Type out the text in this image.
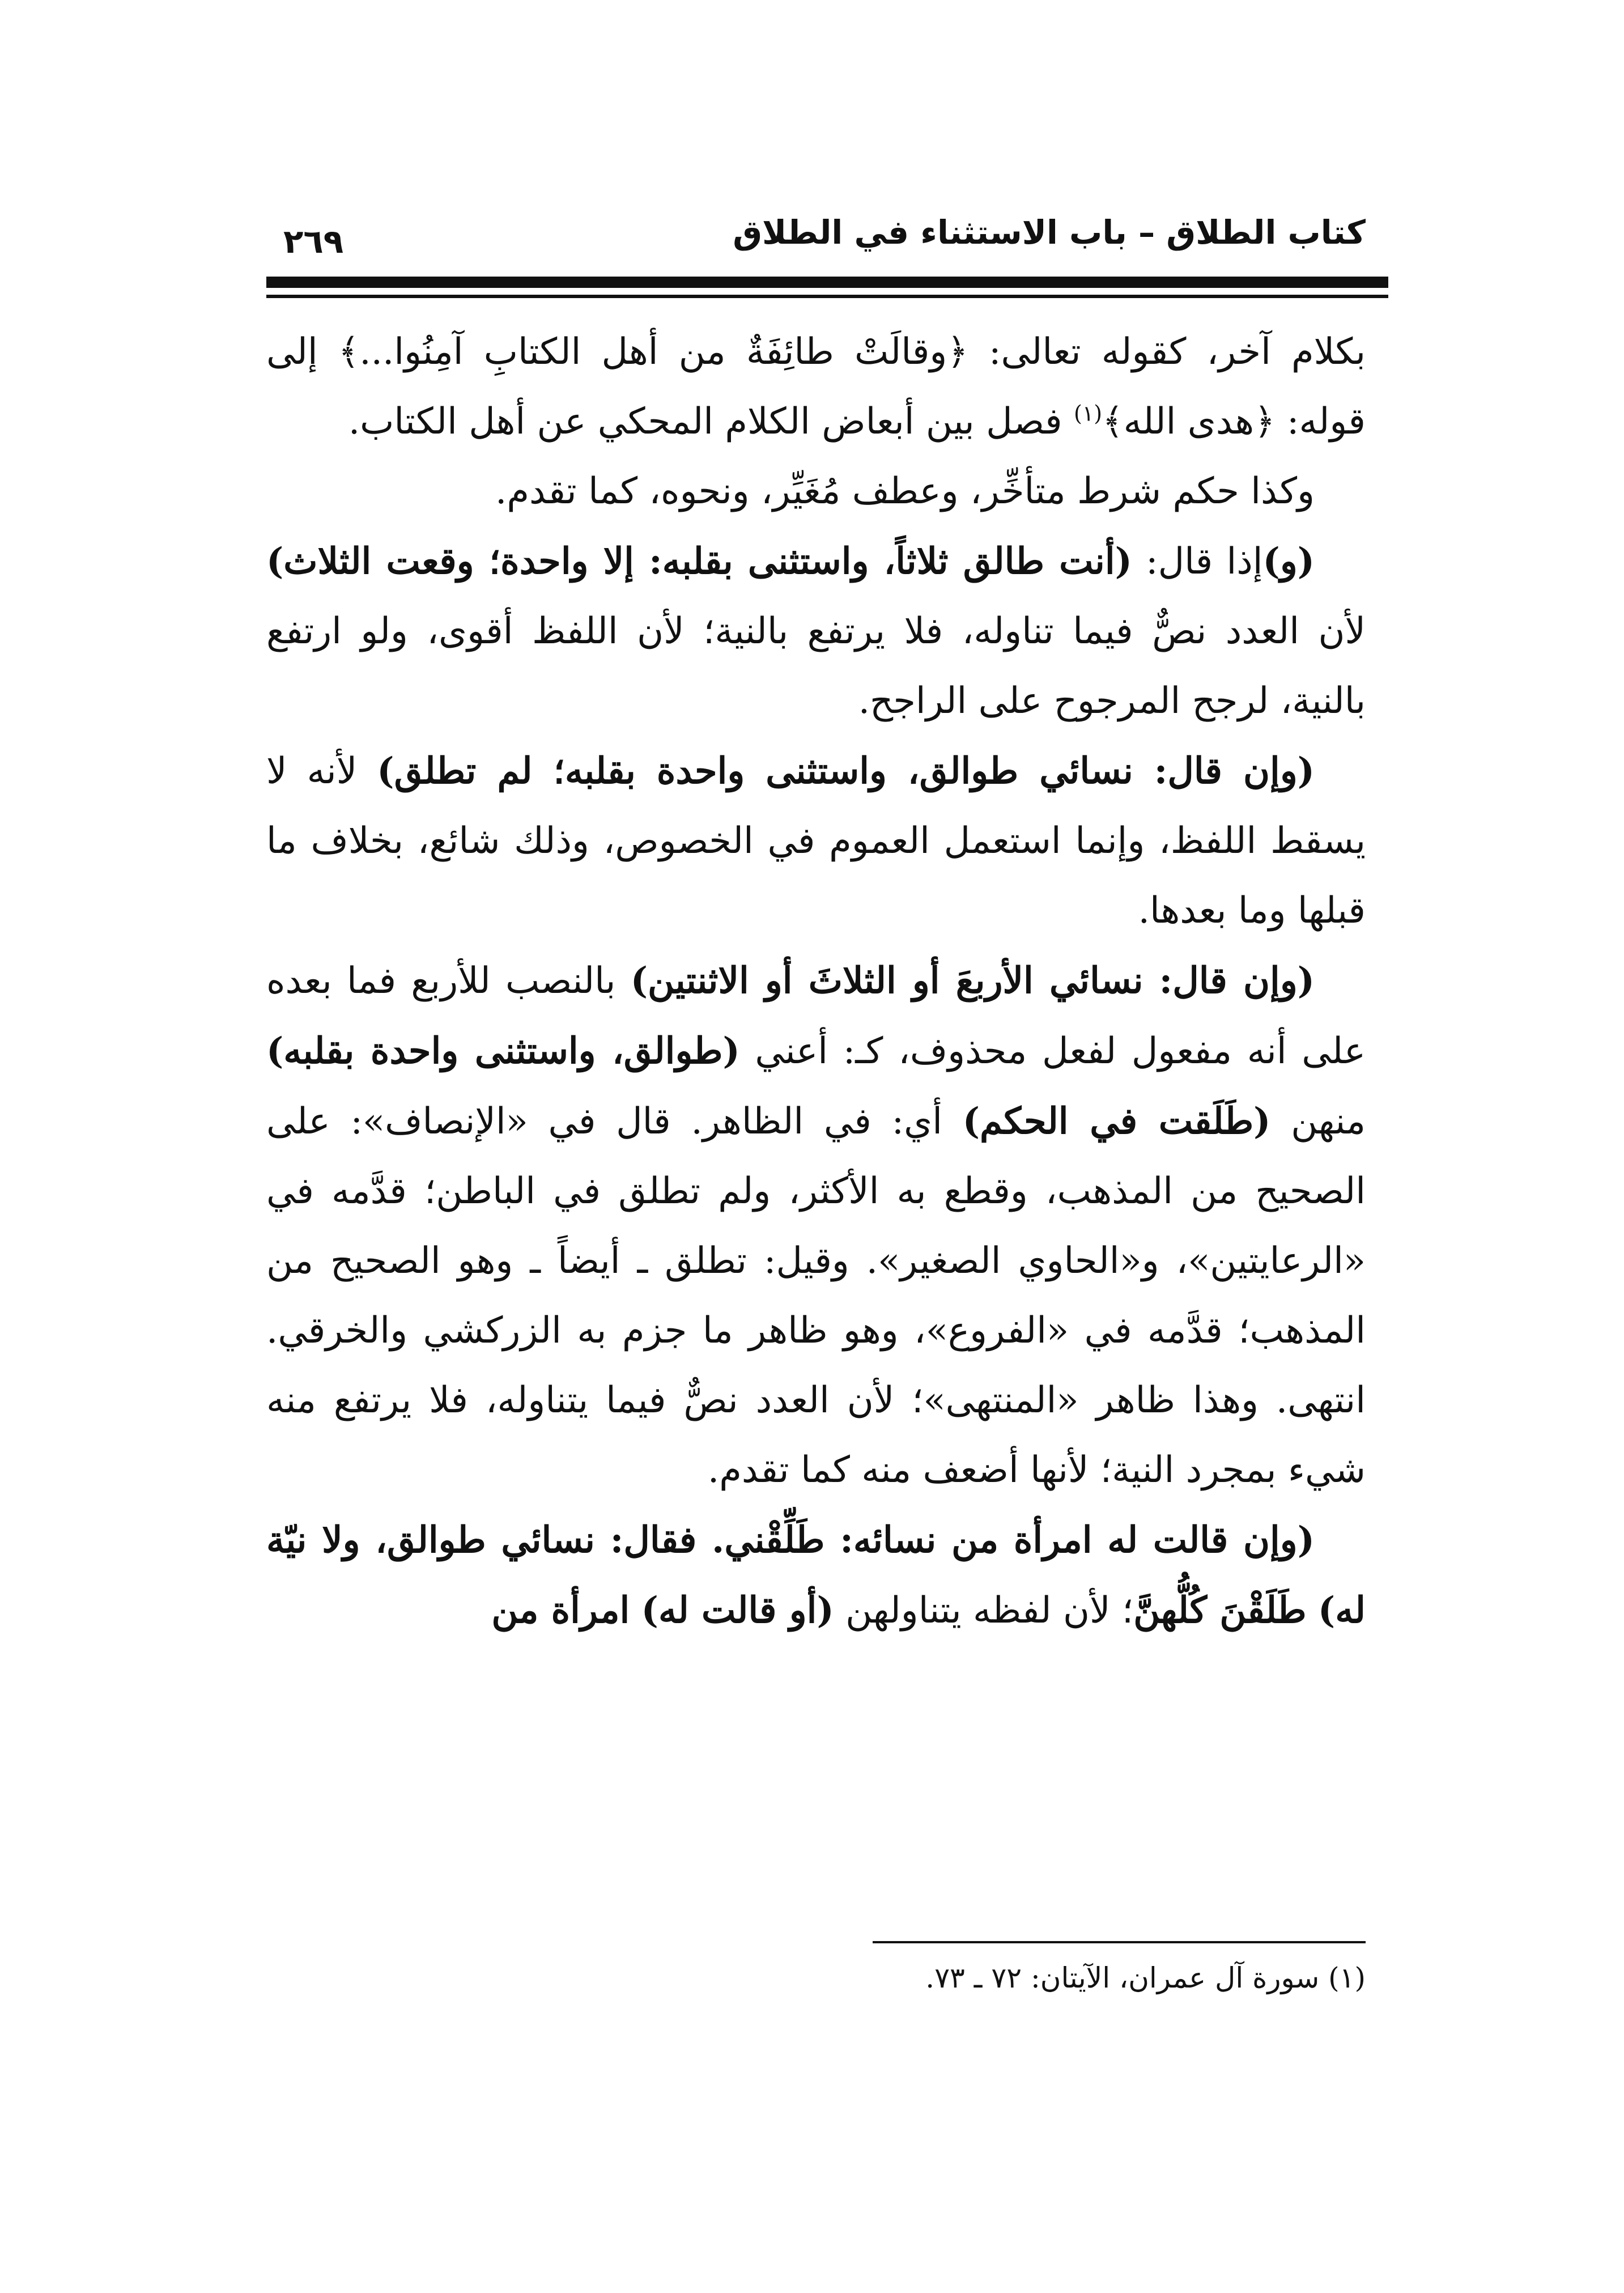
كتاب الطلاق – باب الاستثناء في الطلاق
٢٦٩

بكلام آخر، كقوله تعالى: ﴿وقالَتْ طائِفَةٌ من أهل الكتابِ آمِنُوا...﴾ إلى قوله: ﴿هدى الله﴾$^{(١)}$ فصل بين أبعاض الكلام المحكي عن أهل الكتاب.

وكذا حكم شرط متأخِّر، وعطف مُغَيِّر، ونحوه، كما تقدم.

(و)إذا قال: (أنت طالق ثلاثاً، واستثنى بقلبه: إلا واحدة؛ وقعت الثلاث) لأن العدد نصٌّ فيما تناوله، فلا يرتفع بالنية؛ لأن اللفظ أقوى، ولو ارتفع بالنية، لرجح المرجوح على الراجح.

(وإن قال: نسائي طوالق، واستثنى واحدة بقلبه؛ لم تطلق) لأنه لا يسقط اللفظ، وإنما استعمل العموم في الخصوص، وذلك شائع، بخلاف ما قبلها وما بعدها.

(وإن قال: نسائي الأربعَ أو الثلاثَ أو الاثنتين) بالنصب للأربع فما بعده على أنه مفعول لفعل محذوف، كـ: أعني (طوالق، واستثنى واحدة بقلبه) منهن (طَلَقت في الحكم) أي: في الظاهر. قال في «الإنصاف»: على الصحيح من المذهب، وقطع به الأكثر، ولم تطلق في الباطن؛ قدَّمه في «الرعايتين»، و«الحاوي الصغير». وقيل: تطلق ـ أيضاً ـ وهو الصحيح من المذهب؛ قدَّمه في «الفروع»، وهو ظاهر ما جزم به الزركشي والخرقي. انتهى. وهذا ظاهر «المنتهى»؛ لأن العدد نصٌّ فيما يتناوله، فلا يرتفع منه شيء بمجرد النية؛ لأنها أضعف منه كما تقدم.

(وإن قالت له امرأة من نسائه: طَلِّقْني. فقال: نسائي طوالق، ولا نيّة له) طَلَقْنَ كُلُّهنَّ؛ لأن لفظه يتناولهن (أو قالت له) امرأة من

(١) سورة آل عمران، الآيتان: ٧٢ ـ ٧٣.
